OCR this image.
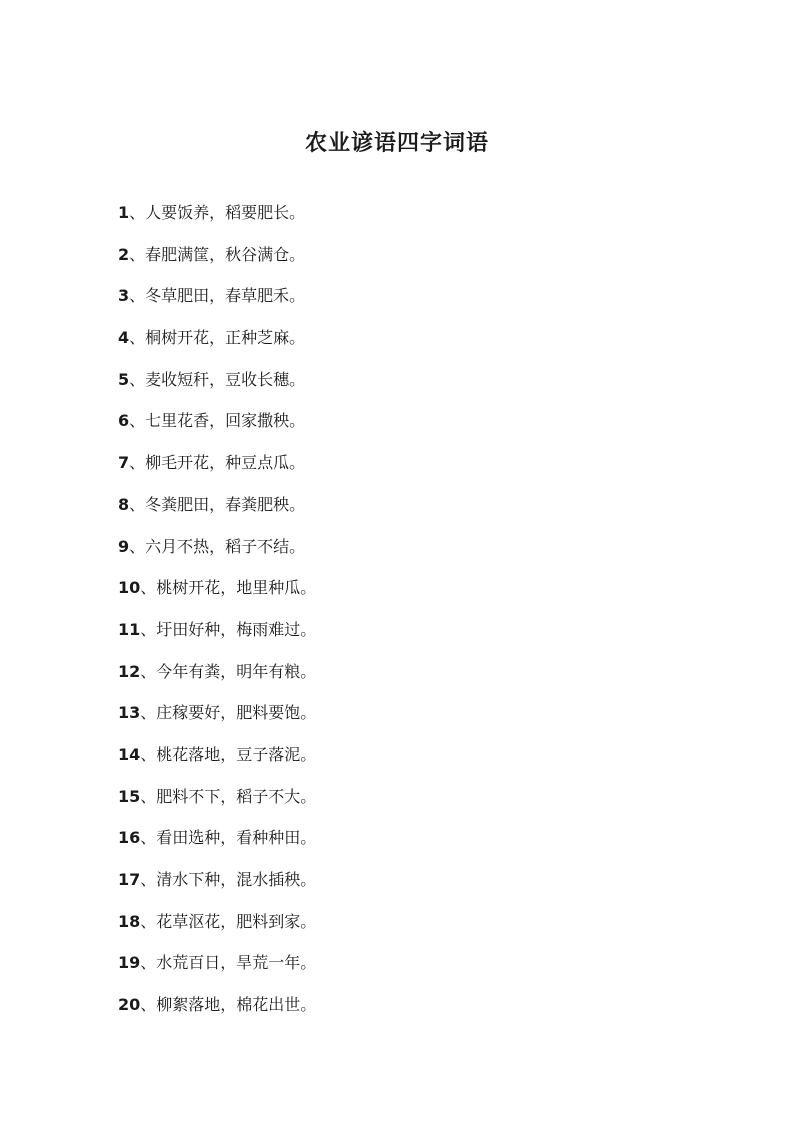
农业谚语四字词语
1、人要饭养，稻要肥长。
2、春肥满筐，秋谷满仓。
3、冬草肥田，春草肥禾。
4、桐树开花，正种芝麻。
5、麦收短秆，豆收长穗。
6、七里花香，回家撒秧。
7、柳毛开花，种豆点瓜。
8、冬粪肥田，春粪肥秧。
9、六月不热，稻子不结。
10、桃树开花，地里种瓜。
11、圩田好种，梅雨难过。
12、今年有粪，明年有粮。
13、庄稼要好，肥料要饱。
14、桃花落地，豆子落泥。
15、肥料不下，稻子不大。
16、看田选种，看种种田。
17、清水下种，混水插秧。
18、花草沤花，肥料到家。
19、水荒百日，旱荒一年。
20、柳絮落地，棉花出世。
